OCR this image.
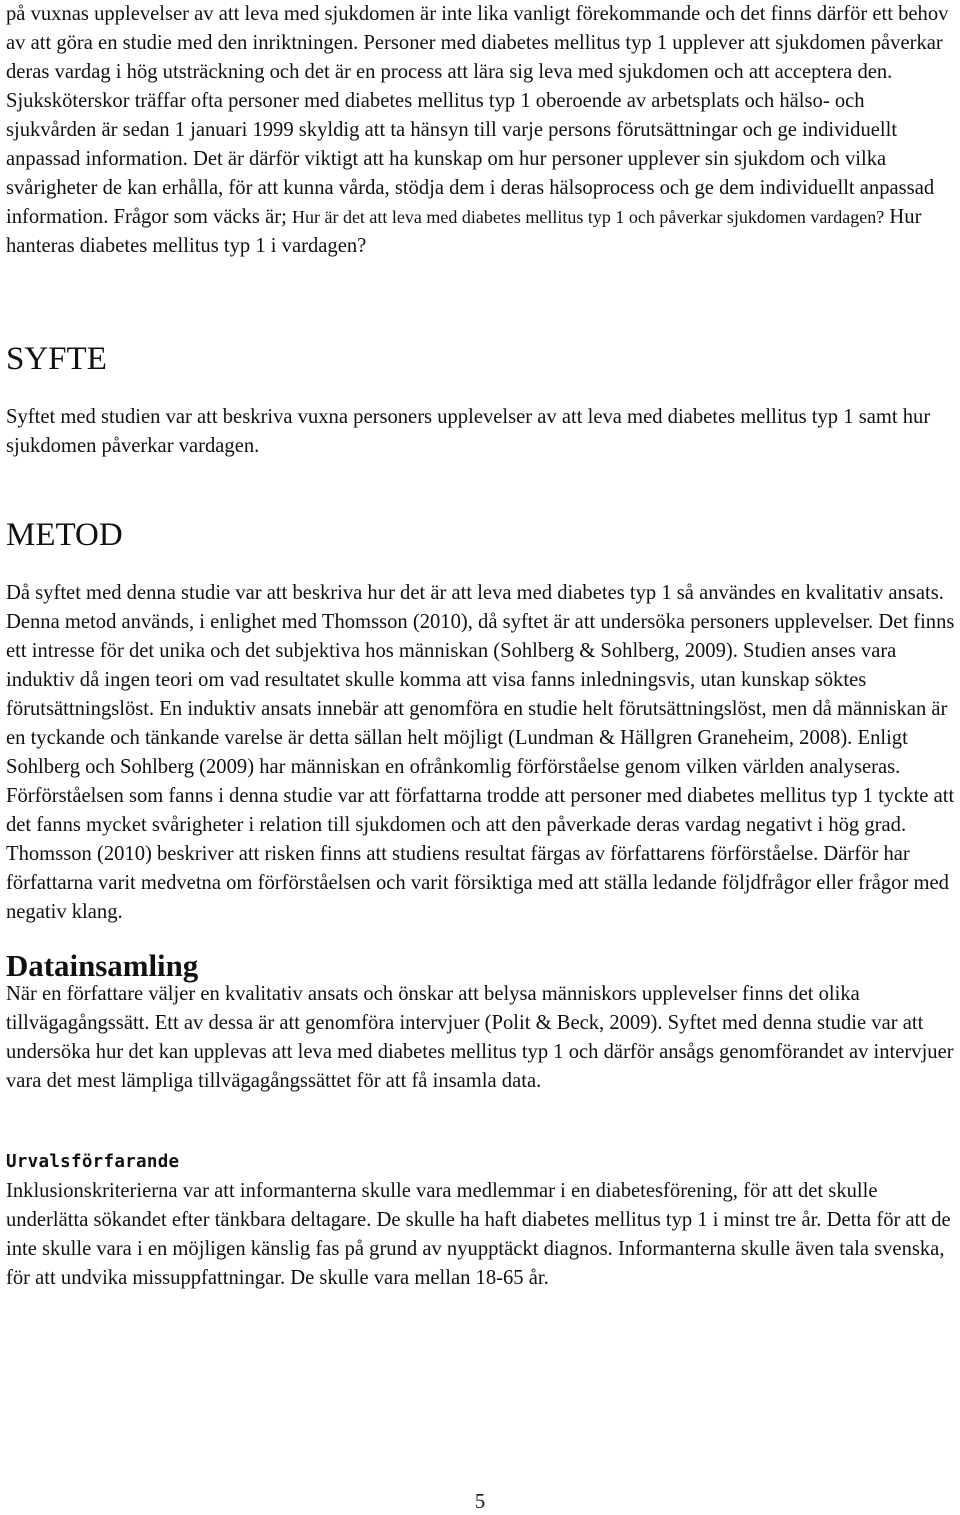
på vuxnas upplevelser av att leva med sjukdomen är inte lika vanligt förekommande och det finns därför ett behov av att göra en studie med den inriktningen. Personer med diabetes mellitus typ 1 upplever att sjukdomen påverkar deras vardag i hög utsträckning och det är en process att lära sig leva med sjukdomen och att acceptera den. Sjuksköterskor träffar ofta personer med diabetes mellitus typ 1 oberoende av arbetsplats och hälso- och sjukvården är sedan 1 januari 1999 skyldig att ta hänsyn till varje persons förutsättningar och ge individuellt anpassad information. Det är därför viktigt att ha kunskap om hur personer upplever sin sjukdom och vilka svårigheter de kan erhålla, för att kunna vårda, stödja dem i deras hälsoprocess och ge dem individuellt anpassad information. Frågor som väcks är; Hur är det att leva med diabetes mellitus typ 1 och påverkar sjukdomen vardagen? Hur hanteras diabetes mellitus typ 1 i vardagen?

SYFTE

Syftet med studien var att beskriva vuxna personers upplevelser av att leva med diabetes mellitus typ 1 samt hur sjukdomen påverkar vardagen.

METOD

Då syftet med denna studie var att beskriva hur det är att leva med diabetes typ 1 så användes en kvalitativ ansats. Denna metod används, i enlighet med Thomsson (2010), då syftet är att undersöka personers upplevelser. Det finns ett intresse för det unika och det subjektiva hos människan (Sohlberg & Sohlberg, 2009). Studien anses vara induktiv då ingen teori om vad resultatet skulle komma att visa fanns inledningsvis, utan kunskap söktes förutsättningslöst. En induktiv ansats innebär att genomföra en studie helt förutsättningslöst, men då människan är en tyckande och tänkande varelse är detta sällan helt möjligt (Lundman & Hällgren Graneheim, 2008). Enligt Sohlberg och Sohlberg (2009) har människan en ofrånkomlig förförståelse genom vilken världen analyseras. Förförståelsen som fanns i denna studie var att författarna trodde att personer med diabetes mellitus typ 1 tyckte att det fanns mycket svårigheter i relation till sjukdomen och att den påverkade deras vardag negativt i hög grad. Thomsson (2010) beskriver att risken finns att studiens resultat färgas av författarens förförståelse. Därför har författarna varit medvetna om förförståelsen och varit försiktiga med att ställa ledande följdfrågor eller frågor med negativ klang.

Datainsamling

När en författare väljer en kvalitativ ansats och önskar att belysa människors upplevelser finns det olika tillvägagångssätt. Ett av dessa är att genomföra intervjuer (Polit & Beck, 2009). Syftet med denna studie var att undersöka hur det kan upplevas att leva med diabetes mellitus typ 1 och därför ansågs genomförandet av intervjuer vara det mest lämpliga tillvägagångssättet för att få insamla data.

Urvalsförfarande

Inklusionskriterierna var att informanterna skulle vara medlemmar i en diabetesförening, för att det skulle underlätta sökandet efter tänkbara deltagare. De skulle ha haft diabetes mellitus typ 1 i minst tre år. Detta för att de inte skulle vara i en möjligen känslig fas på grund av nyupptäckt diagnos. Informanterna skulle även tala svenska, för att undvika missuppfattningar. De skulle vara mellan 18-65 år.

5
